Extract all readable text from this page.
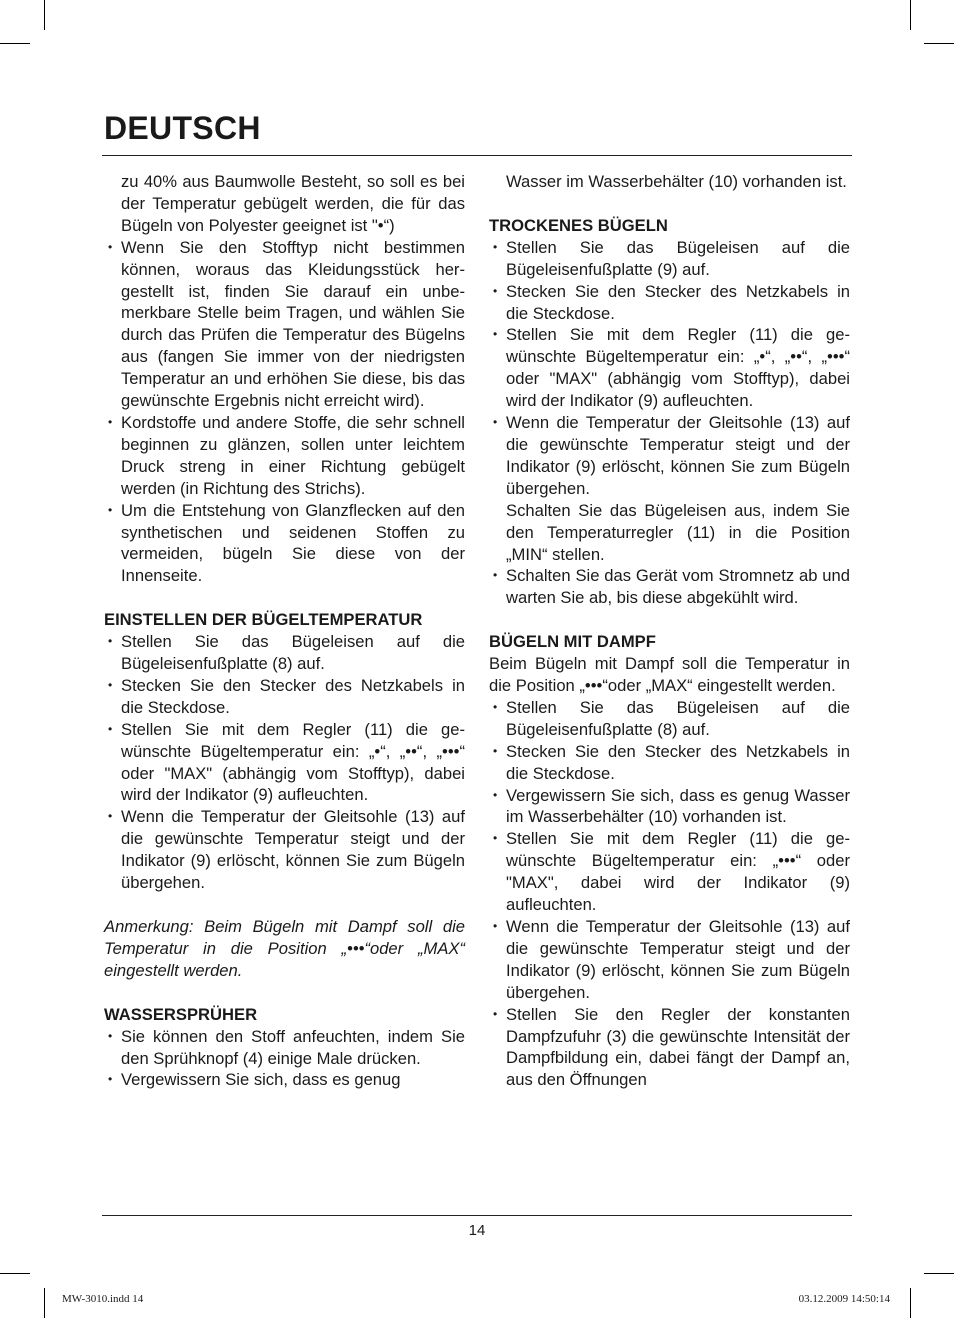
DEUTSCH

zu 40% aus Baumwolle Besteht, so soll es bei der Temperatur gebügelt werden, die für das Bügeln von Polyester geeignet ist "•“)

• Wenn Sie den Stofftyp nicht bestimmen können, woraus das Kleidungsstück hergestellt ist, finden Sie darauf ein unbemerkbare Stelle beim Tragen, und wählen Sie durch das Prüfen die Temperatur des Bügelns aus (fangen Sie immer von der niedrigsten Temperatur an und erhöhen Sie diese, bis das gewünschte Ergebnis nicht erreicht wird).
• Kordstoffe und andere Stoffe, die sehr schnell beginnen zu glänzen, sollen unter leichtem Druck streng in einer Richtung gebügelt werden (in Richtung des Strichs).
• Um die Entstehung von Glanzflecken auf den synthetischen und seidenen Stoffen zu vermeiden, bügeln Sie diese von der Innenseite.

EINSTELLEN DER BÜGELTEMPERATUR

• Stellen Sie das Bügeleisen auf die Bügeleisenfußplatte (8) auf.
• Stecken Sie den Stecker des Netzkabels in die Steckdose.
• Stellen Sie mit dem Regler (11) die gewünschte Bügeltemperatur ein: „•“, „••“, „•••“ oder "MAX" (abhängig vom Stofftyp), dabei wird der Indikator (9) aufleuchten.
• Wenn die Temperatur der Gleitsohle (13) auf die gewünschte Temperatur steigt und der Indikator (9) erlöscht, können Sie zum Bügeln übergehen.

Anmerkung: Beim Bügeln mit Dampf soll die Temperatur in die Position „•••“oder „MAX“ eingestellt werden.

WASSERSPRÜHER

• Sie können den Stoff anfeuchten, indem Sie den Sprühknopf (4) einige Male drücken.
• Vergewissern Sie sich, dass es genug

Wasser im Wasserbehälter (10) vorhanden ist.

TROCKENES BÜGELN

• Stellen Sie das Bügeleisen auf die Bügeleisenfußplatte (9) auf.
• Stecken Sie den Stecker des Netzkabels in die Steckdose.
• Stellen Sie mit dem Regler (11) die gewünschte Bügeltemperatur ein: „•“, „••“, „•••“ oder "MAX" (abhängig vom Stofftyp), dabei wird der Indikator (9) aufleuchten.
• Wenn die Temperatur der Gleitsohle (13) auf die gewünschte Temperatur steigt und der Indikator (9) erlöscht, können Sie zum Bügeln übergehen.
Schalten Sie das Bügeleisen aus, indem Sie den Temperaturregler (11) in die Position „MIN“ stellen.
• Schalten Sie das Gerät vom Stromnetz ab und warten Sie ab, bis diese abgekühlt wird.

BÜGELN MIT DAMPF

Beim Bügeln mit Dampf soll die Temperatur in die Position „•••“oder „MAX“ eingestellt werden.

• Stellen Sie das Bügeleisen auf die Bügeleisenfußplatte (8) auf.
• Stecken Sie den Stecker des Netzkabels in die Steckdose.
• Vergewissern Sie sich, dass es genug Wasser im Wasserbehälter (10) vorhanden ist.
• Stellen Sie mit dem Regler (11) die gewünschte Bügeltemperatur ein: „•••“ oder "MAX", dabei wird der Indikator (9) aufleuchten.
• Wenn die Temperatur der Gleitsohle (13) auf die gewünschte Temperatur steigt und der Indikator (9) erlöscht, können Sie zum Bügeln übergehen.
• Stellen Sie den Regler der konstanten Dampfzufuhr (3) die gewünschte Intensität der Dampfbildung ein, dabei fängt der Dampf an, aus den Öffnungen
14
MW-3010.indd 14	03.12.2009 14:50:14
